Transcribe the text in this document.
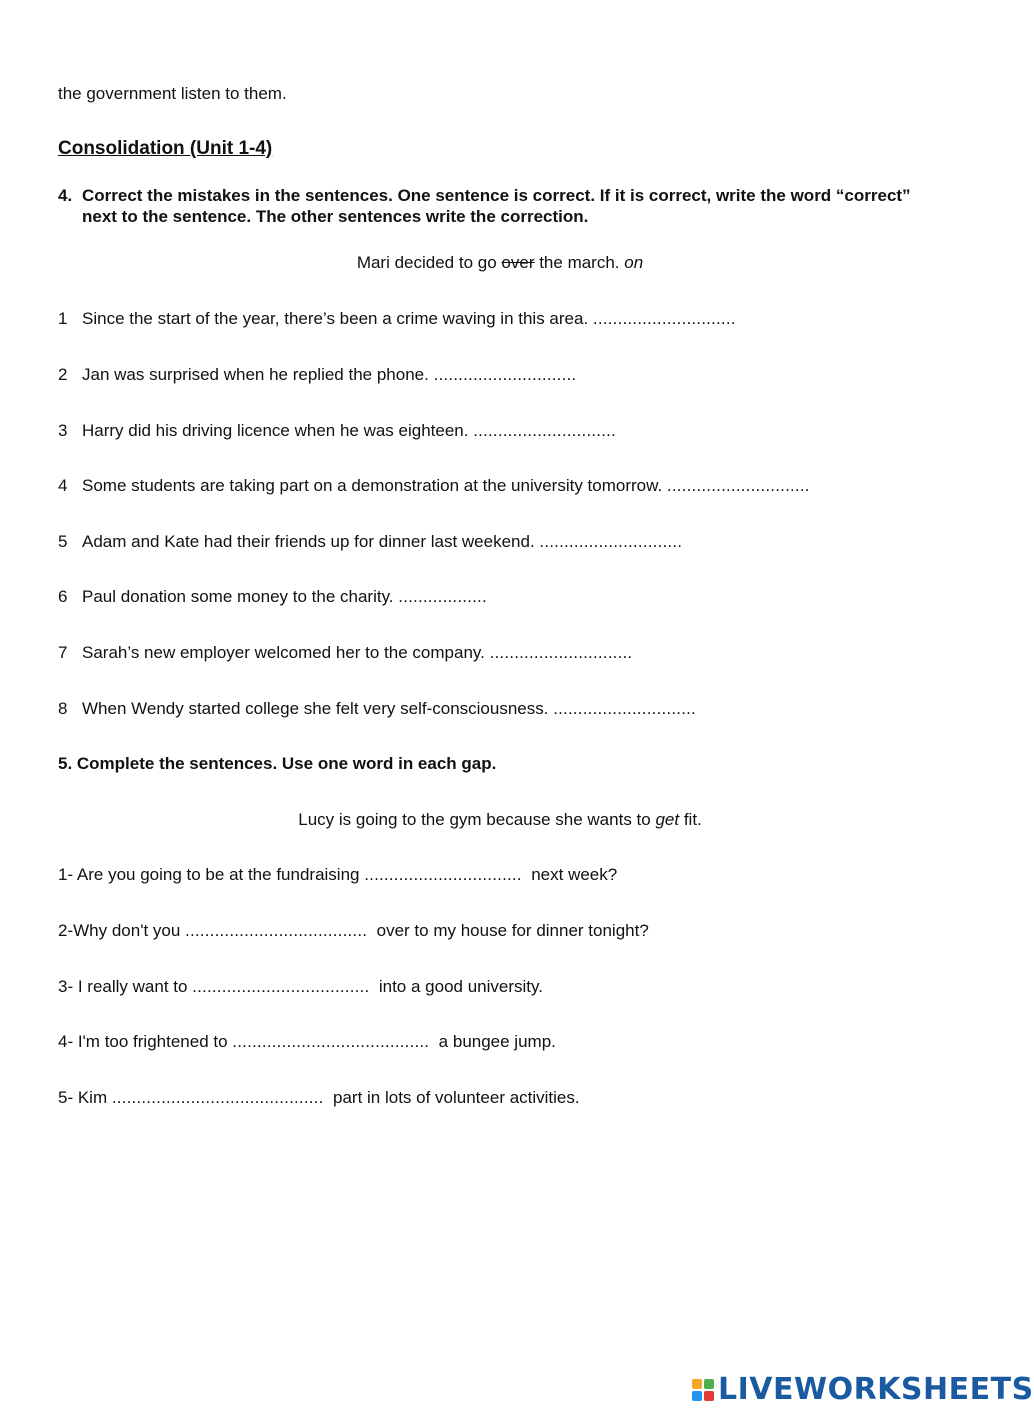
the government listen to them.
Consolidation (Unit 1-4)
4. Correct the mistakes in the sentences. One sentence is correct. If it is correct, write the word “correct” next to the sentence. The other sentences write the correction.
Mari decided to go over the march. on
1 Since the start of the year, there’s been a crime waving in this area. .............................
2 Jan was surprised when he replied the phone. .............................
3 Harry did his driving licence when he was eighteen. .............................
4 Some students are taking part on a demonstration at the university tomorrow. .............................
5 Adam and Kate had their friends up for dinner last weekend. .............................
6 Paul donation some money to the charity. ..................
7 Sarah’s new employer welcomed her to the company. .............................
8 When Wendy started college she felt very self-consciousness. .............................
5. Complete the sentences. Use one word in each gap.
Lucy is going to the gym because she wants to get fit.
1- Are you going to be at the fundraising ................................  next week?
2-Why don't you .....................................  over to my house for dinner tonight?
3- I really want to ....................................  into a good university.
4- I'm too frightened to ........................................  a bungee jump.
5- Kim ...........................................  part in lots of volunteer activities.
LIVEWORKSHEETS
